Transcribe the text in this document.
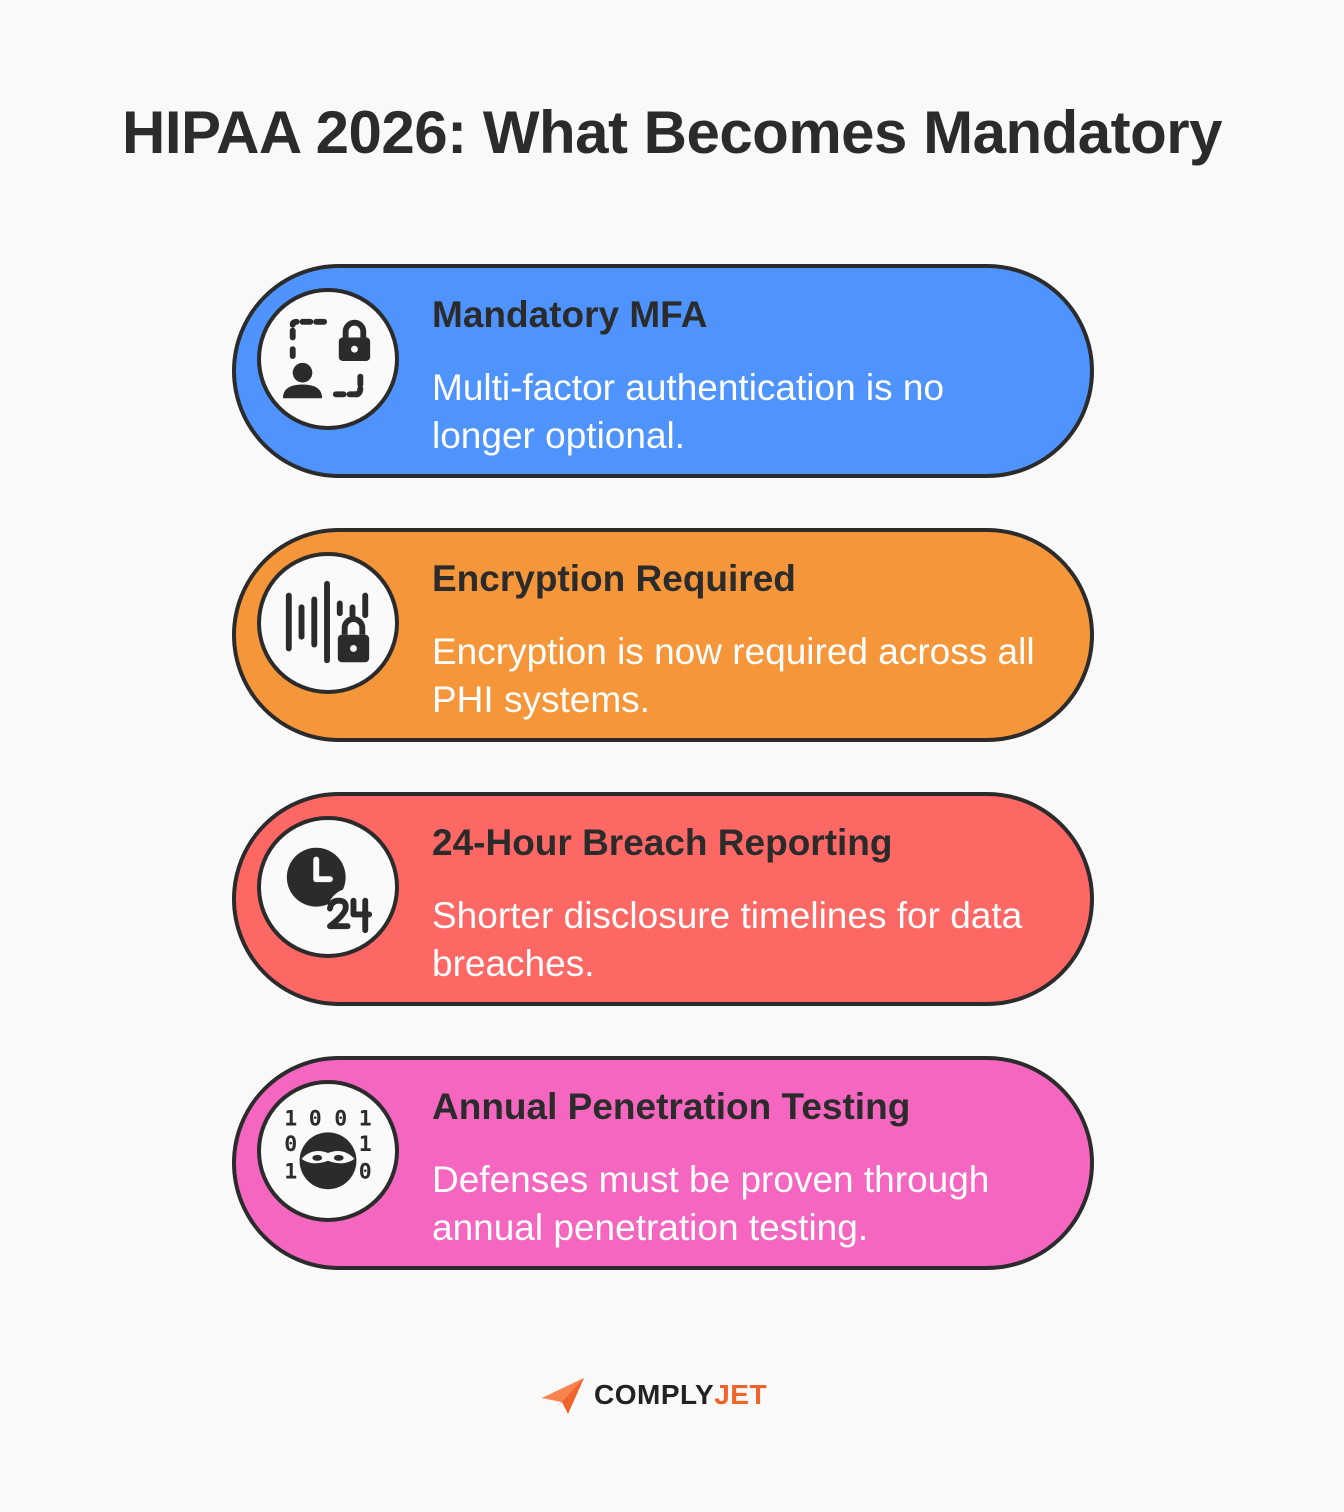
HIPAA 2026: What Becomes Mandatory
Mandatory MFA
Multi-factor authentication is no longer optional.
Encryption Required
Encryption is now required across all PHI systems.
24-Hour Breach Reporting
Shorter disclosure timelines for data breaches.
1 0 0 1
0	1
1	0
Annual Penetration Testing
Defenses must be proven through annual penetration testing.
COMPLY JET
